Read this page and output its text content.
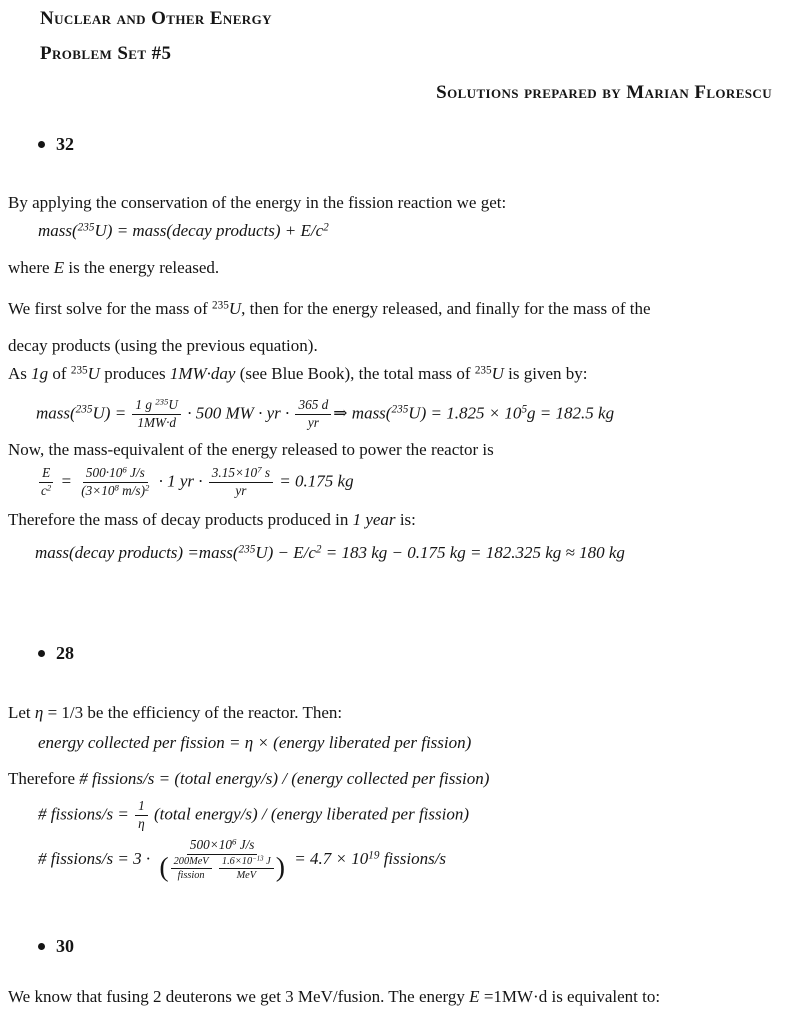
Nuclear and Other Energy
Problem Set #5
Solutions prepared by Marian Florescu
32
By applying the conservation of the energy in the fission reaction we get:
mass($^{235}$U) = mass(decay products) + $E/c^2$
where E is the energy released.
We first solve for the mass of $^{235}$U, then for the energy released, and finally for the mass of the
decay products (using the previous equation).
As 1g of $^{235}$U produces 1MW·day (see Blue Book), the total mass of $^{235}$U is given by:
mass($^{235}$U) = $\frac{1 g ^{235}U}{1MW\cdot d} \cdot 500$ MW · yr · $\frac{365 d}{yr}$ ⇒ mass($^{235}$U) = $1.825 \times 10^5g = 182.5$ kg
Now, the mass-equivalent of the energy released to power the reactor is
$\frac{E}{c^2} = \frac{500\cdot 10^6 J/s}{(3\times 10^8 m/s)^2} \cdot 1$ yr · $\frac{3.15\times 10^7 s}{yr} = 0.175$ kg
Therefore the mass of decay products produced in 1 year is:
mass(decay products) =mass($^{235}$U) − $E/c^2 = 183$ kg − 0.175 kg = 182.325 kg ≈ 180 kg
28
Let η = 1/3 be the efficiency of the reactor. Then:
energy collected per fission = η × (energy liberated per fission)
Therefore # fissions/s = (total energy/s) / (energy collected per fission)
# fissions/s = $\frac{1}{\eta}$ (total energy/s) / (energy liberated per fission)
# fissions/s = 3 ·
$500\times 10^6$ J/s
( 200MeV
fission

$1.6\times 10^{-13}$ J
MeV ) = $4.7 \times 10^{19}$ fissions/s
30
We know that fusing 2 deuterons we get 3 MeV/fusion. The energy E =1MW·d is equivalent to:
